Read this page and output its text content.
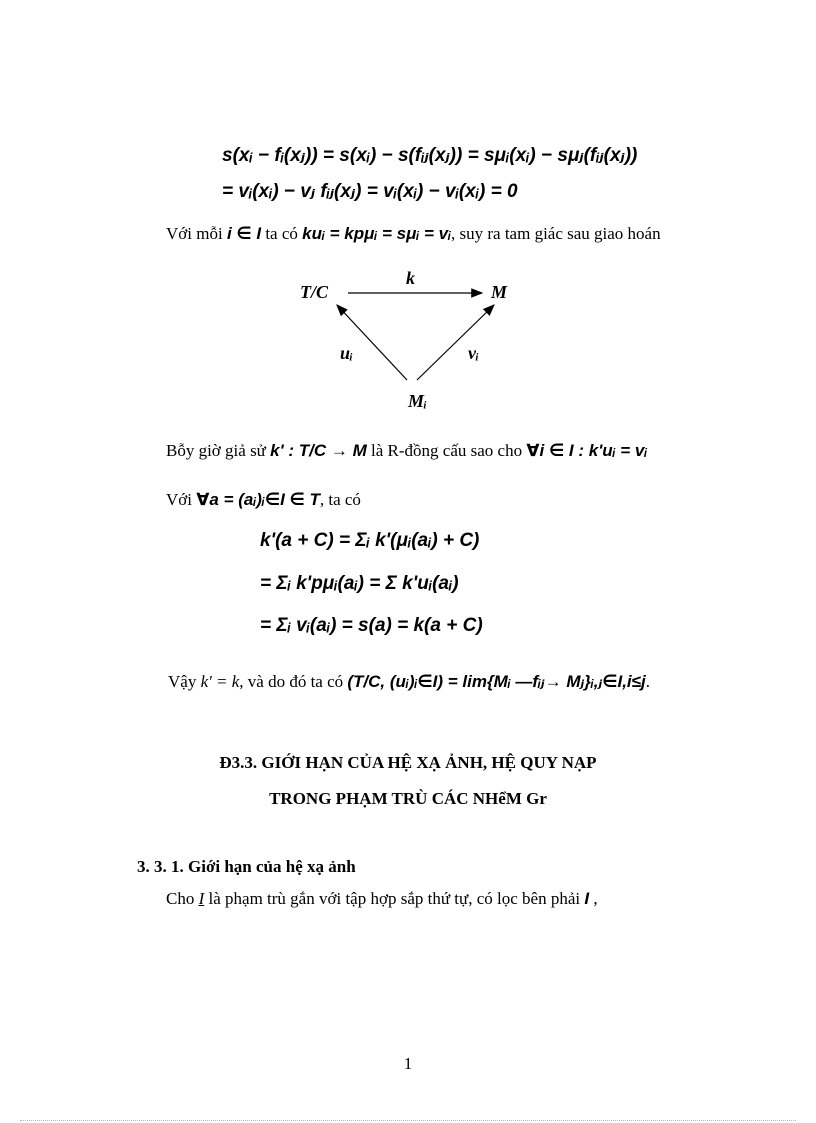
s(xᵢ − fᵢ(xⱼ)) = s(xᵢ) − s(fᵢⱼ(xⱼ)) = sμᵢ(xᵢ) − sμⱼ(fᵢⱼ(xⱼ))
= vᵢ(xᵢ) − vⱼ fᵢⱼ(xⱼ) = vᵢ(xᵢ) − vᵢ(xᵢ) = 0
Với mỗi i ∈ I ta có kuᵢ = kpμᵢ = sμᵢ = vᵢ, suy ra tam giác sau giao hoán
T/C	M
Mᵢ
k
uᵢ	vᵢ
Bỗy giờ giả sử k' : T/C → M là R-đồng cấu sao cho ∀i ∈ I : k'uᵢ = vᵢ
Với ∀a = (aᵢ)ᵢ∈I ∈ T, ta có
k'(a + C) = Σᵢ k'(μᵢ(aᵢ) + C)
= Σᵢ k'pμᵢ(aᵢ) = Σ k'uᵢ(aᵢ)
= Σᵢ vᵢ(aᵢ) = s(a) = k(a + C)
Vậy k' = k, và do đó ta có (T/C, (uᵢ)ᵢ∈I) = lim{Mᵢ —fᵢⱼ→ Mⱼ}ᵢ,ⱼ∈I,i≤j.
Đ3.3. GIỚI HẠN CỦA HỆ XẠ ẢNH, HỆ QUY NẠP
TRONG PHẠM TRÙ CÁC NHểM Gr
3. 3. 1. Giới hạn của hệ xạ ảnh
Cho I là phạm trù gắn với tập hợp sắp thứ tự, có lọc bên phải I ,
1
